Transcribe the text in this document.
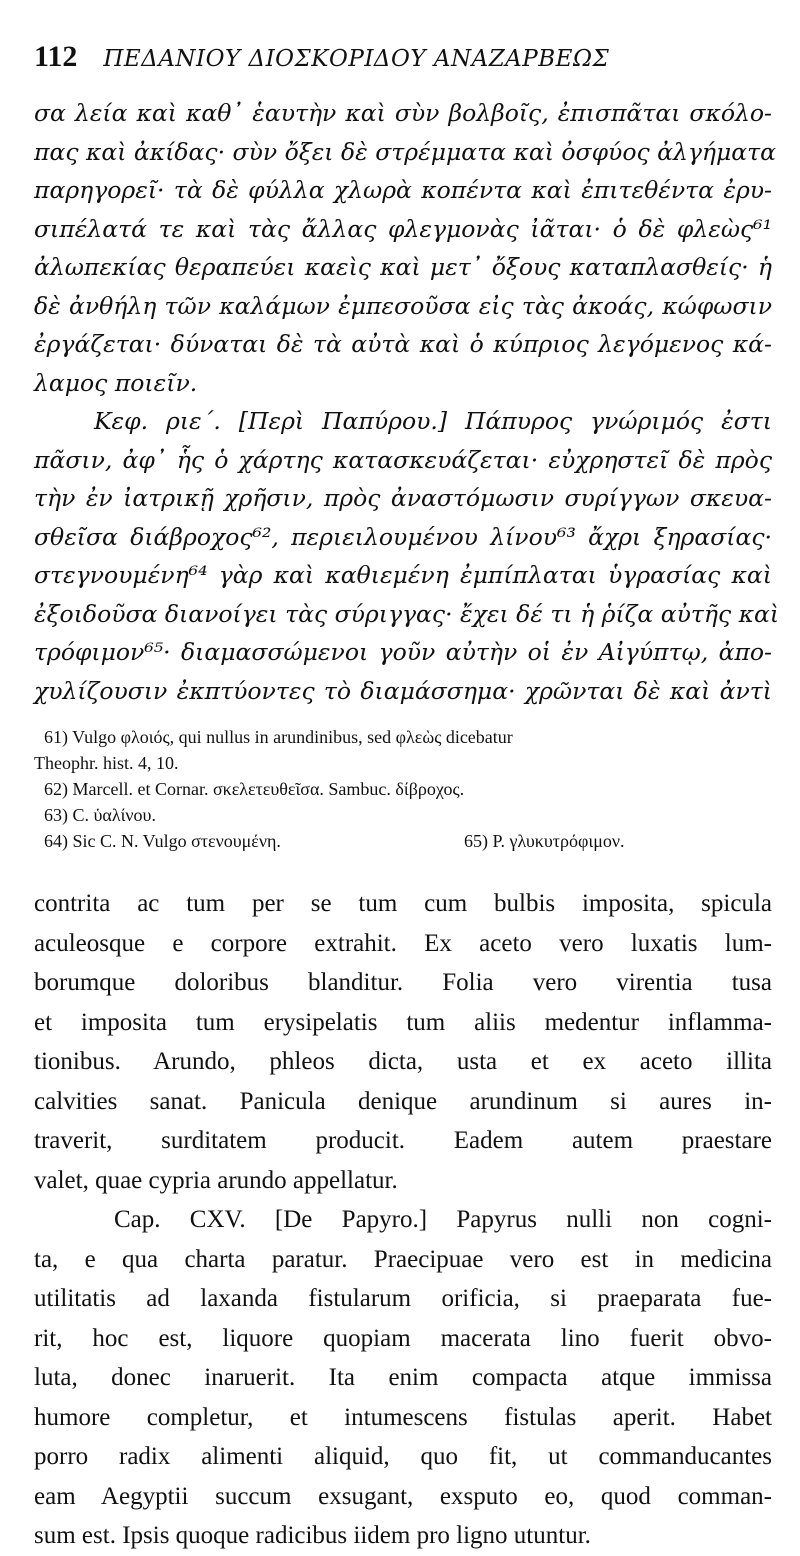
112 ΠΕΔΑΝΙΟΥ ΔΙΟΣΚΟΡΙΔΟΥ ΑΝΑΖΑΡΒΕΩΣ
σα λεία καὶ καθ᾽ ἑαυτὴν καὶ σὺν βολβοῖς, ἐπισπᾶται σκόλο-
πας καὶ ἀκίδας· σὺν ὄξει δὲ στρέμματα καὶ ὀσφύος ἀλγήματα
παρηγορεῖ· τὰ δὲ φύλλα χλωρὰ κοπέντα καὶ ἐπιτεθέντα ἐρυ-
σιπέλατά τε καὶ τὰς ἄλλας φλεγμονὰς ἰᾶται· ὁ δὲ φλεὼς⁶¹
ἀλωπεκίας θεραπεύει καεὶς καὶ μετ᾽ ὄξους καταπλασθείς· ἡ
δὲ ἀνθήλη τῶν καλάμων ἐμπεσοῦσα εἰς τὰς ἀκοάς, κώφωσιν
ἐργάζεται· δύναται δὲ τὰ αὐτὰ καὶ ὁ κύπριος λεγόμενος κά-
λαμος ποιεῖν.
Κεφ. ριε´. [Περὶ Παπύρου.] Πάπυρος γνώριμός ἐστι
πᾶσιν, ἀφ᾽ ἧς ὁ χάρτης κατασκευάζεται· εὐχρηστεῖ δὲ πρὸς
τὴν ἐν ἰατρικῇ χρῆσιν, πρὸς ἀναστόμωσιν συρίγγων σκευα-
σθεῖσα διάβροχος⁶², περιειλουμένου λίνου⁶³ ἄχρι ξηρασίας·
στεγνουμένη⁶⁴ γὰρ καὶ καθιεμένη ἐμπίπλαται ὑγρασίας καὶ
ἐξοιδοῦσα διανοίγει τὰς σύριγγας· ἔχει δέ τι ἡ ῥίζα αὐτῆς καὶ
τρόφιμον⁶⁵· διαμασσώμενοι γοῦν αὐτὴν οἱ ἐν Αἰγύπτῳ, ἀπο-
χυλίζουσιν ἐκπτύοντες τὸ διαμάσσημα· χρῶνται δὲ καὶ ἀντὶ
61) Vulgo φλοιός, qui nullus in arundinibus, sed φλεὼς dicebatur
Theophr. hist. 4, 10.
62) Marcell. et Cornar. σκελετευθεῖσα. Sambuc. δίβροχος.
63) C. ὑαλίνου.
64) Sic C. N. Vulgo στενουμένη.	65) P. γλυκυτρόφιμον.
contrita ac tum per se tum cum bulbis imposita, spicula
aculeosque e corpore extrahit. Ex aceto vero luxatis lum-
borumque doloribus blanditur. Folia vero virentia tusa
et imposita tum erysipelatis tum aliis medentur inflamma-
tionibus. Arundo, phleos dicta, usta et ex aceto illita
calvities sanat. Panicula denique arundinum si aures in-
traverit, surditatem producit. Eadem autem praestare
valet, quae cypria arundo appellatur.
Cap. CXV. [De Papyro.] Papyrus nulli non cogni-
ta, e qua charta paratur. Praecipuae vero est in medicina
utilitatis ad laxanda fistularum orificia, si praeparata fue-
rit, hoc est, liquore quopiam macerata lino fuerit obvo-
luta, donec inaruerit. Ita enim compacta atque immissa
humore completur, et intumescens fistulas aperit. Habet
porro radix alimenti aliquid, quo fit, ut commanducantes
eam Aegyptii succum exsugant, exsputo eo, quod comman-
sum est. Ipsis quoque radicibus iidem pro ligno utuntur.
